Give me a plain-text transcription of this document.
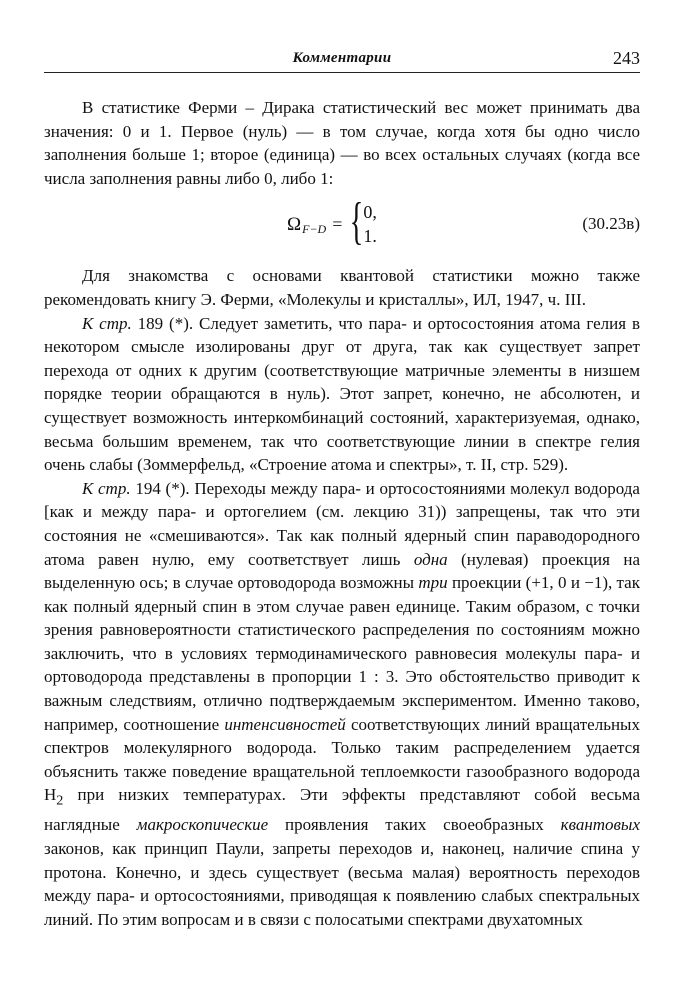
Комментарии	243

В статистике Ферми – Дирака статистический вес может принимать два значения: 0 и 1. Первое (нуль) — в том случае, когда хотя бы одно число заполнения больше 1; второе (единица) — во всех остальных случаях (когда все числа заполнения равны либо 0, либо 1:

Ω F−D = { 0,
1.
(30.23в)

Для знакомства с основами квантовой статистики можно также рекомендовать книгу Э. Ферми, «Молекулы и кристаллы», ИЛ, 1947, ч. III.

К стр. 189 (*). Следует заметить, что пара- и ортосостояния атома гелия в некотором смысле изолированы друг от друга, так как существует запрет перехода от одних к другим (соответствующие матричные элементы в низшем порядке теории обращаются в нуль). Этот запрет, конечно, не абсолютен, и существует возможность интеркомбинаций состояний, характеризуемая, однако, весьма большим временем, так что соответствующие линии в спектре гелия очень слабы (Зоммерфельд, «Строение атома и спектры», т. II, стр. 529).

К стр. 194 (*). Переходы между пара- и ортосостояниями молекул водорода [как и между пара- и ортогелием (см. лекцию 31)) запрещены, так что эти состояния не «смешиваются». Так как полный ядерный спин параводородного атома равен нулю, ему соответствует лишь одна (нулевая) проекция на выделенную ось; в случае ортоводорода возможны три проекции (+1, 0 и −1), так как полный ядерный спин в этом случае равен единице. Таким образом, с точки зрения равновероятности статистического распределения по состояниям можно заключить, что в условиях термодинамического равновесия молекулы пара- и ортоводорода представлены в пропорции 1 : 3. Это обстоятельство приводит к важным следствиям, отлично подтверждаемым экспериментом. Именно таково, например, соотношение интенсивностей соответствующих линий вращательных спектров молекулярного водорода. Только таким распределением удается объяснить также поведение вращательной теплоемкости газообразного водорода $H_2$ при низких температурах. Эти эффекты представляют собой весьма наглядные макроскопические проявления таких своеобразных квантовых законов, как принцип Паули, запреты переходов и, наконец, наличие спина у протона. Конечно, и здесь существует (весьма малая) вероятность переходов между пара- и ортосостояниями, приводящая к появлению слабых спектральных линий. По этим вопросам и в связи с полосатыми спектрами двухатомных
